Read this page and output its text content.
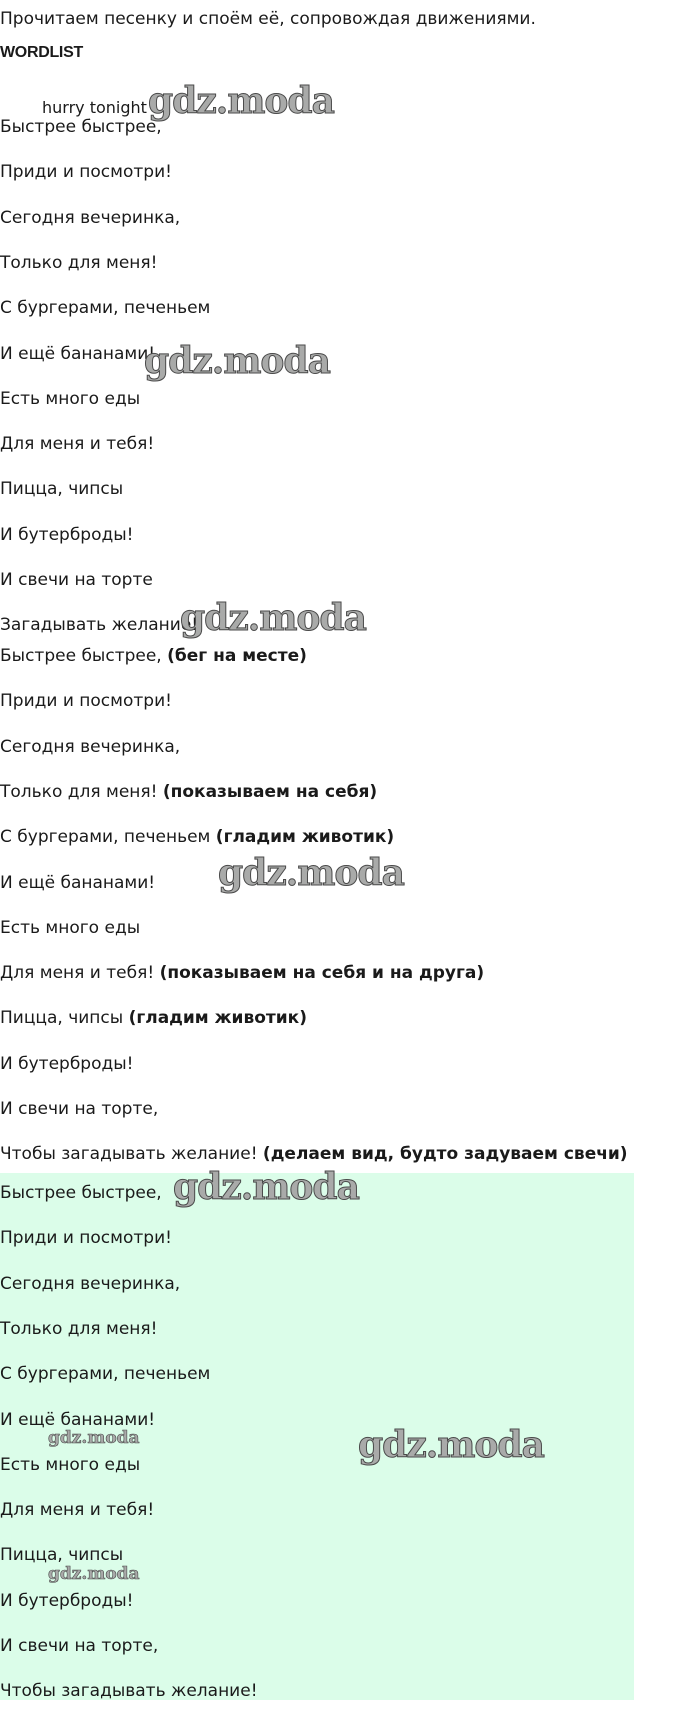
Прочитаем песенку и споём её, сопровождая движениями.
WORDLIST
hurry tonight
Быстрее быстрее,
Приди и посмотри!
Сегодня вечеринка,
Только для меня!
С бургерами, печеньем
И ещё бананами!
Есть много еды
Для меня и тебя!
Пицца, чипсы
И бутерброды!
И свечи на торте
Загадывать желание!
Быстрее быстрее, (бег на месте)
Приди и посмотри!
Сегодня вечеринка,
Только для меня! (показываем на себя)
С бургерами, печеньем (гладим животик)
И ещё бананами!
Есть много еды
Для меня и тебя! (показываем на себя и на друга)
Пицца, чипсы (гладим животик)
И бутерброды!
И свечи на торте,
Чтобы загадывать желание! (делаем вид, будто задуваем свечи)
Быстрее быстрее,
Приди и посмотри!
Сегодня вечеринка,
Только для меня!
С бургерами, печеньем
И ещё бананами!
Есть много еды
Для меня и тебя!
Пицца, чипсы
И бутерброды!
И свечи на торте,
Чтобы загадывать желание!
gdz.moda
gdz.moda
gdz.moda
gdz.moda
gdz.moda
gdz.moda
gdz.moda
gdz.moda
